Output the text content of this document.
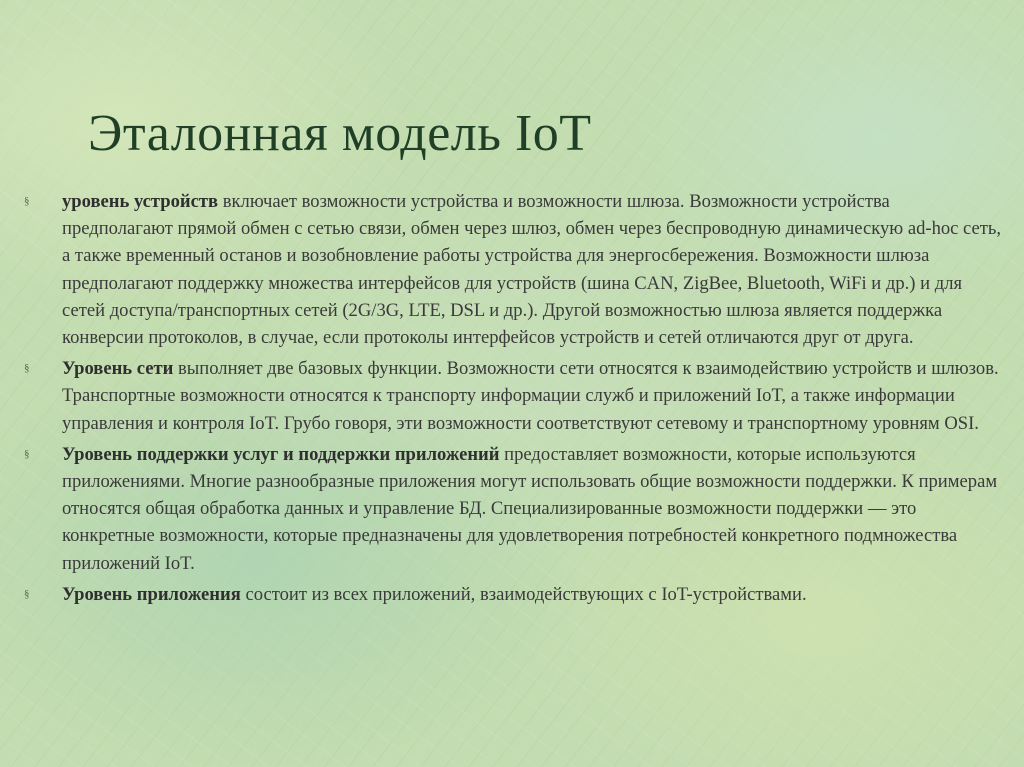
Эталонная модель IoT
§	уровень устройств включает возможности устройства и возможности шлюза. Возможности устройства предполагают прямой обмен с сетью связи, обмен через шлюз, обмен через беспроводную динамическую ad-hoc сеть, а также временный останов и возобновление работы устройства для энергосбережения. Возможности шлюза предполагают поддержку множества интерфейсов для устройств (шина CAN, ZigBee, Bluetooth, WiFi и др.) и для сетей доступа/транспортных сетей (2G/3G, LTE, DSL и др.). Другой возможностью шлюза является поддержка конверсии протоколов, в случае, если протоколы интерфейсов устройств и сетей отличаются друг от друга.
§	Уровень сети выполняет две базовых функции. Возможности сети относятся к взаимодействию устройств и шлюзов. Транспортные возможности относятся к транспорту информации служб и приложений IoT, а также информации управления и контроля IoT. Грубо говоря, эти возможности соответствуют сетевому и транспортному уровням OSI.
§	Уровень поддержки услуг и поддержки приложений предоставляет возможности, которые используются приложениями. Многие разнообразные приложения могут использовать общие возможности поддержки. К примерам относятся общая обработка данных и управление БД. Специализированные возможности поддержки — это конкретные возможности, которые предназначены для удовлетворения потребностей конкретного подмножества приложений IoT.
§	Уровень приложения состоит из всех приложений, взаимодействующих с IoT-устройствами.
